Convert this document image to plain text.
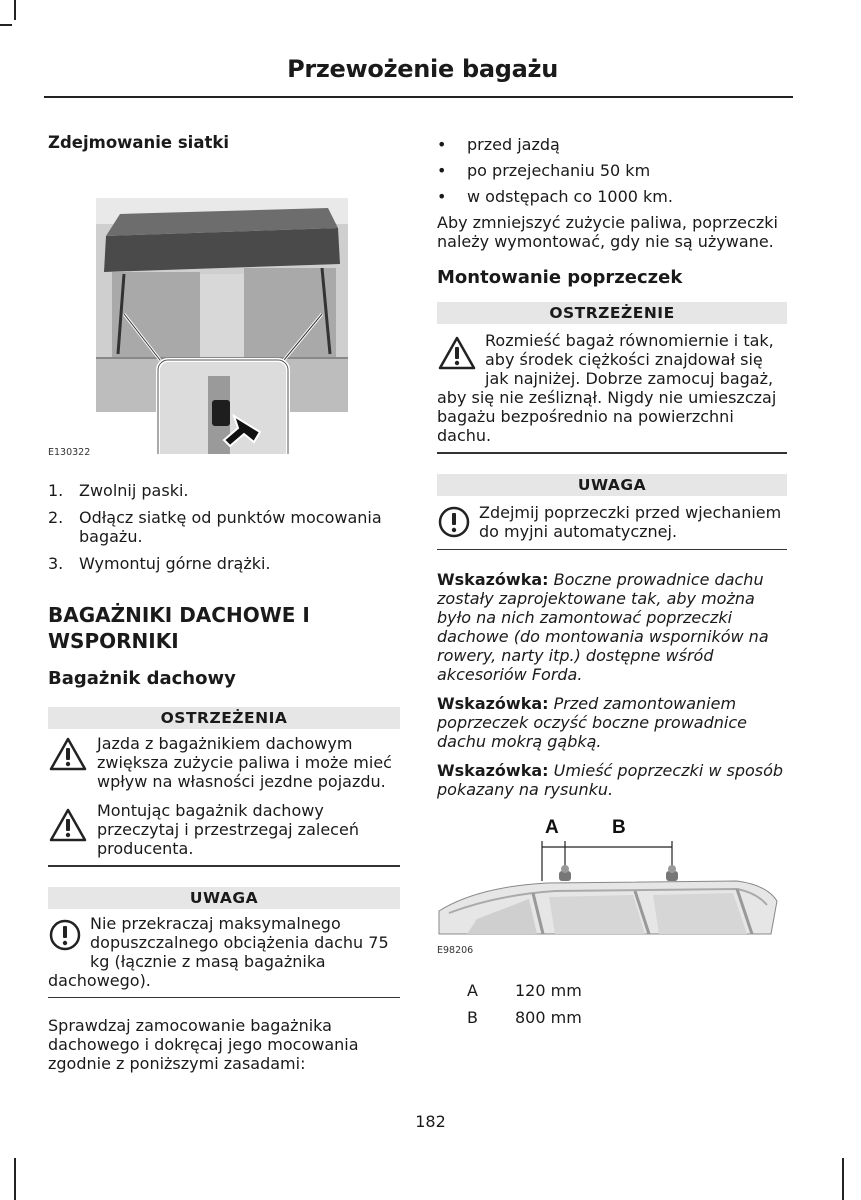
Przewożenie bagażu

Zdejmowanie siatki

E130322
1. Zwolnij paski.
2. Odłącz siatkę od punktów mocowania bagażu.
3. Wymontuj górne drążki.

BAGAŻNIKI DACHOWE I WSPORNIKI

Bagażnik dachowy

OSTRZEŻENIA
Jazda z bagażnikiem dachowym zwiększa zużycie paliwa i może mieć wpływ na własności jezdne pojazdu.
Montując bagażnik dachowy przeczytaj i przestrzegaj zaleceń producenta.
UWAGA
Nie przekraczaj maksymalnego dopuszczalnego obciążenia dachu 75 kg (łącznie z masą bagażnika dachowego).

Sprawdzaj zamocowanie bagażnika dachowego i dokręcaj jego mocowania zgodnie z poniższymi zasadami:

•	przed jazdą
•	po przejechaniu 50 km
•	w odstępach co 1000 km.

Aby zmniejszyć zużycie paliwa, poprzeczki należy wymontować, gdy nie są używane.

Montowanie poprzeczek

OSTRZEŻENIE
Rozmieść bagaż równomiernie i tak, aby środek ciężkości znajdował się jak najniżej. Dobrze zamocuj bagaż, aby się nie ześliznął. Nigdy nie umieszczaj bagażu bezpośrednio na powierzchni dachu.
UWAGA
Zdejmij poprzeczki przed wjechaniem do myjni automatycznej.

Wskazówka: Boczne prowadnice dachu zostały zaprojektowane tak, aby można było na nich zamontować poprzeczki dachowe (do montowania wsporników na rowery, narty itp.) dostępne wśród akcesoriów Forda.

Wskazówka: Przed zamontowaniem poprzeczek oczyść boczne prowadnice dachu mokrą gąbką.

Wskazówka: Umieść poprzeczki w sposób pokazany na rysunku.

A	B
E98206
A	120 mm
B	800 mm
182
